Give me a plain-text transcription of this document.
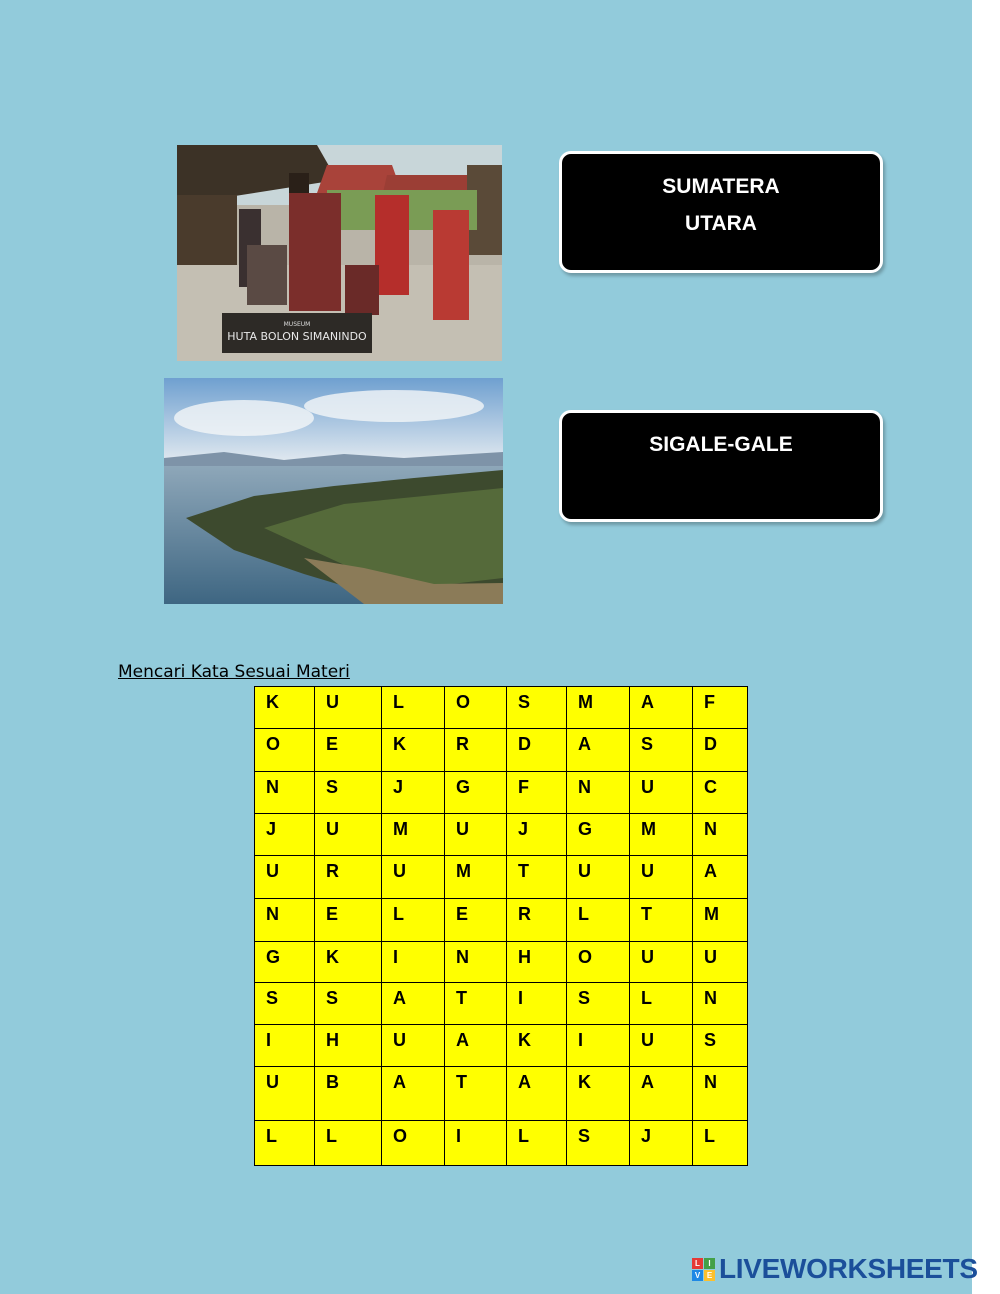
MUSEUM
HUTA BOLON SIMANINDO
SUMATERA
UTARA
SIGALE-GALE
Mencari Kata Sesuai Materi
K	U	L	O	S	M	A	F
O	E	K	R	D	A	S	D
N	S	J	G	F	N	U	C
J	U	M	U	J	G	M	N
U	R	U	M	T	U	U	A
N	E	L	E	R	L	T	M
G	K	I	N	H	O	U	U
S	S	A	T	I	S	L	N
I	H	U	A	K	I	U	S
U	B	A	T	A	K	A	N
L	L	O	I	L	S	J	L
L	I
V E LIVEWORKSHEETS
